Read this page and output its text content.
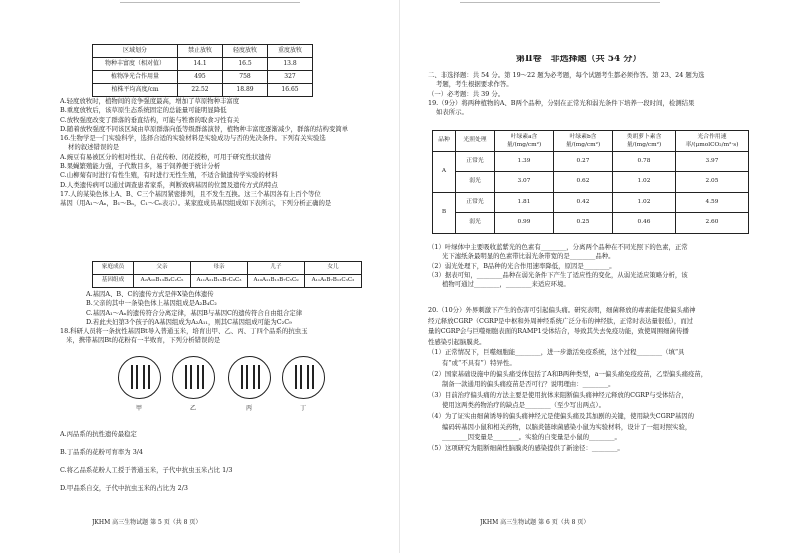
区域划分	禁止放牧	轻度放牧	重度放牧
物种丰富度（相对值）	14.1	16.5	13.8
植物净光合作用量	495	758	327
植株平均高度/cm	22.52	18.89	16.65

A.轻度放牧时，植物间的竞争强度最高，增加了草原物种丰富度

B.重度放牧后，该草原生态系统固定的总能量可能明显降低

C.放牧强度改变了群落的垂直结构，可能与牲畜的取食习性有关

D.随着放牧强度不同该区域由草原群落向低等级群落演替，植物种丰富度逐渐减少，群落的结构变简单

16.生物学是一门实验科学，选择合适的实验材料是实验成功与否的先决条件。下列有关实验选

材的叙述错误的是

A.豌豆有易被区分的相对性状、自花传粉、闭花授粉，可用于研究性状遗传

B.果蝇繁殖能力强，子代数目多，易于饲养便于统计分析

C.山柳菊有时进行有性生殖，有时进行无性生殖，不适合做遗传学实验的材料

D.人类遗传病可以通过调查患者家系，判断致病基因的位置及遗传方式的特点

17.人的某染色体上A、B、C三个基因紧密排列，且不发生互换。这三个基因各有上百个等位

基因（用A₁～Aₙ，B₁～Bₙ，C₁～Cₙ表示）。某家庭成员基因组成如下表所示，下列分析正确的是

家庭成员	父亲	母亲	儿子	女儿
基因组成	A₂A₁₀B₁₃B₄C₂C₅	A₁₁A₂₁B₁₅B₇C₉C₃	A₁₀A₁₁B₁₃B₇C₅C₉	A₁₁A₂B₇B₁₃C₃C₂

A.基因A、B、C的遗传方式是伴X染色体遗传

B.父亲的其中一条染色体上基因组成是A₂B₄C₂

C.基因A₁～Aₙ的遗传符合分离定律，基因B与基因C的遗传符合自由组合定律

D.若此夫妇第3个孩子的A基因组成为A₂A₁₁，则其C基因组成可能为C₂C₉

18.科研人员将一条抗性基因Bt导入普通玉米，培育出甲、乙、丙、丁四个品系的抗虫玉

米，携带基因Bt的花粉有一半败育，下列分析错误的是

甲	乙	丙	丁

A.丙品系的抗性遗传最稳定

B.丁品系的花粉可育率为 3/4

C.将乙品系花粉人工授于普通玉米，子代中抗虫玉米占比 1/3

D.甲品系自交，子代中抗虫玉米的占比为 2/3

JKHM 高三生物试题 第 5 页（共 8 页）

第Ⅱ卷　非选择题（共 54 分）

二、非选择题：共 54 分。第 19～22 题为必考题，每个试题考生都必须作答。第 23、24 题为选

考题，考生根据要求作答。

（一）必考题：共 39 分。

19.（9分）将两种植物的A、B两个品种，分别在正常光和弱光条件下培养一段时间，检测结果

如表所示。

品种	光照处理	叶绿素a含量/(mg/cm²)	叶绿素b含量/(mg/cm²)	类胡萝卜素含量/(mg/cm²)	光合作用速率/(μmolCO₂/m²·s)
A	正常光	1.39	0.27	0.78	3.97
	弱光	3.07	0.62	1.02	2.05
B	正常光	1.81	0.42	1.02	4.59
	弱光	0.99	0.25	0.46	2.60

（1）叶绿体中主要吸收蓝紫光的色素有________，分离两个品种在不同光照下的色素，正常

光下滤纸条最明显的色素带比弱光条带宽的是________品种。

（2）弱光处理下，B品种的光合作用速率降低，原因是________。

（3）据表可知，________品种在弱光条件下产生了适应性的变化，从弱光适应策略分析，该

植物可通过________，________来适应环境。

20.（10分）外界刺激下产生的伤害可引起偏头痛。研究表明，细菌释放的毒素能促使偏头痛神

经元释放CGRP（CGRP是中枢和外周神经系统广泛分布的神经肽，正常时表达量很低），而过

量的CGRP会与巨噬细胞表面的RAMP1受体结合，导致其失去免疫功能，致使周围细菌传播

性感染引起脑膜炎。

（1）正常情况下，巨噬细胞能________，进一步激活免疫系统，这个过程________（填“具

有”或“不具有”）特异性。

（2）国家基础设施中的偏头痛受体包括了A和B两种类型，a一偏头痛免疫疫苗，乙型偏头痛疫苗，

制备一款通用的偏头痛疫苗是否可行？说明理由：________。

（3）目前治疗偏头痛的方法主要是使用抗体来阻断偏头痛神经元释放的CGRP与受体结合，

使用这两类药物治疗的缺点是________（至少写出两点）。

（4）为了证实由细菌诱导的偏头痛神经元是使偏头痛及其加剧的关键，使用缺失CGRP基因的

编码转基因小鼠和相关药物，以脑炎链球菌感染小鼠为实验材料，设计了一组对照实验，

________因变量是________。实验的自变量是小鼠的________。

（5）这项研究为阻断细菌性脑膜炎的感染提供了新途径：________。

JKHM 高三生物试题 第 6 页（共 8 页）
